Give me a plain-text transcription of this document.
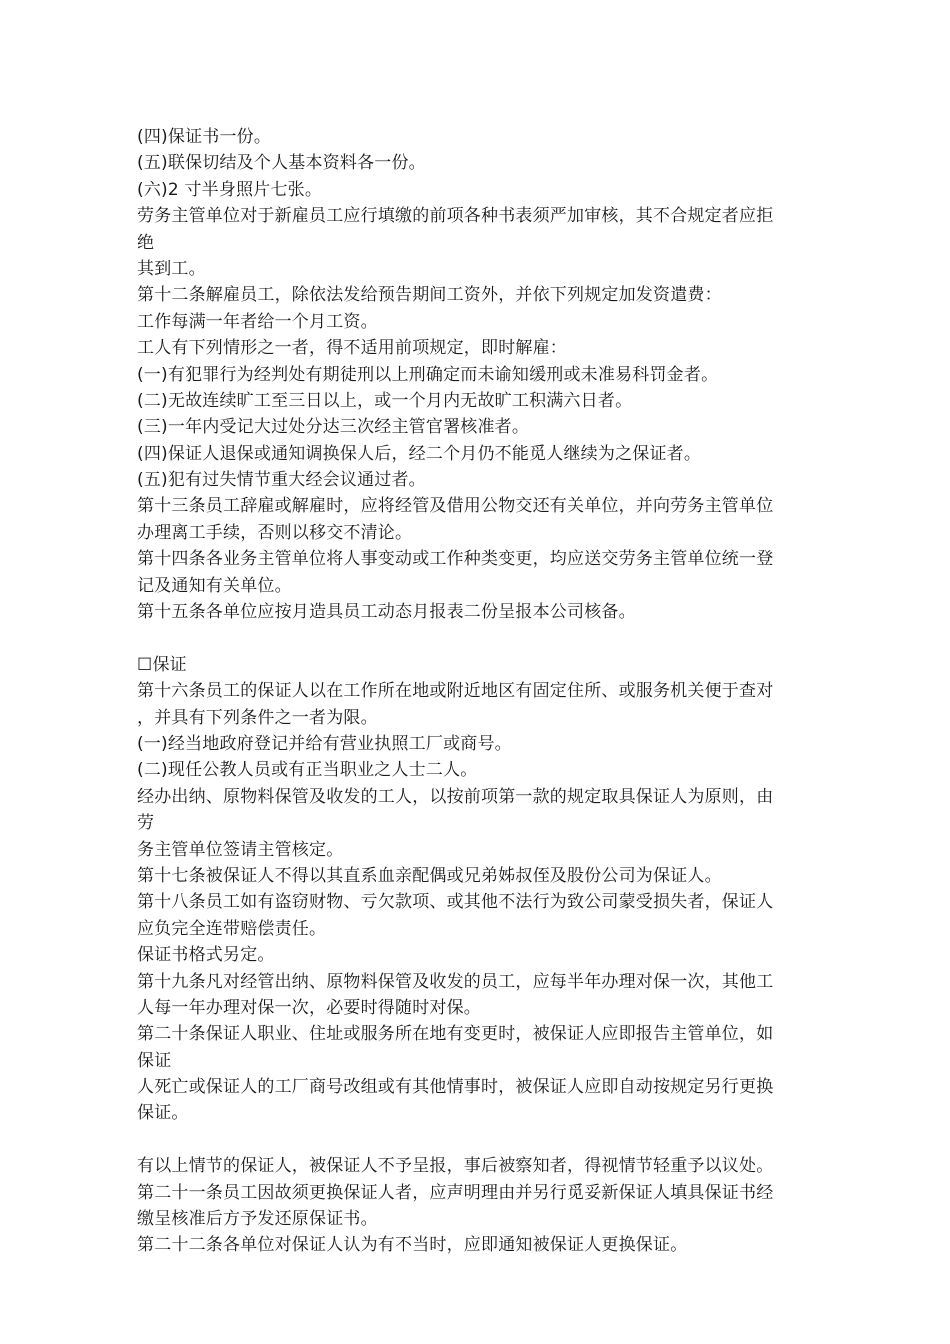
(四)保证书一份。
(五)联保切结及个人基本资料各一份。
(六)2 寸半身照片七张。
劳务主管单位对于新雇员工应行填缴的前项各种书表须严加审核，其不合规定者应拒
绝
其到工。
第十二条解雇员工，除依法发给预告期间工资外，并依下列规定加发资遣费：
工作每满一年者给一个月工资。
工人有下列情形之一者，得不适用前项规定，即时解雇：
(一)有犯罪行为经判处有期徒刑以上刑确定而未谕知缓刑或未准易科罚金者。
(二)无故连续旷工至三日以上，或一个月内无故旷工积满六日者。
(三)一年内受记大过处分达三次经主管官署核准者。
(四)保证人退保或通知调换保人后，经二个月仍不能觅人继续为之保证者。
(五)犯有过失情节重大经会议通过者。
第十三条员工辞雇或解雇时，应将经管及借用公物交还有关单位，并向劳务主管单位
办理离工手续，否则以移交不清论。
第十四条各业务主管单位将人事变动或工作种类变更，均应送交劳务主管单位统一登
记及通知有关单位。
第十五条各单位应按月造具员工动态月报表二份呈报本公司核备。
☐保证
第十六条员工的保证人以在工作所在地或附近地区有固定住所、或服务机关便于查对
，并具有下列条件之一者为限。
(一)经当地政府登记并给有营业执照工厂或商号。
(二)现任公教人员或有正当职业之人士二人。
经办出纳、原物料保管及收发的工人，以按前项第一款的规定取具保证人为原则，由
劳
务主管单位签请主管核定。
第十七条被保证人不得以其直系血亲配偶或兄弟姊叔侄及股份公司为保证人。
第十八条员工如有盗窃财物、亏欠款项、或其他不法行为致公司蒙受损失者，保证人
应负完全连带赔偿责任。
保证书格式另定。
第十九条凡对经管出纳、原物料保管及收发的员工，应每半年办理对保一次，其他工
人每一年办理对保一次，必要时得随时对保。
第二十条保证人职业、住址或服务所在地有变更时，被保证人应即报告主管单位，如
保证
人死亡或保证人的工厂商号改组或有其他情事时，被保证人应即自动按规定另行更换
保证。
有以上情节的保证人，被保证人不予呈报，事后被察知者，得视情节轻重予以议处。
第二十一条员工因故须更换保证人者，应声明理由并另行觅妥新保证人填具保证书经
缴呈核准后方予发还原保证书。
第二十二条各单位对保证人认为有不当时，应即通知被保证人更换保证。
